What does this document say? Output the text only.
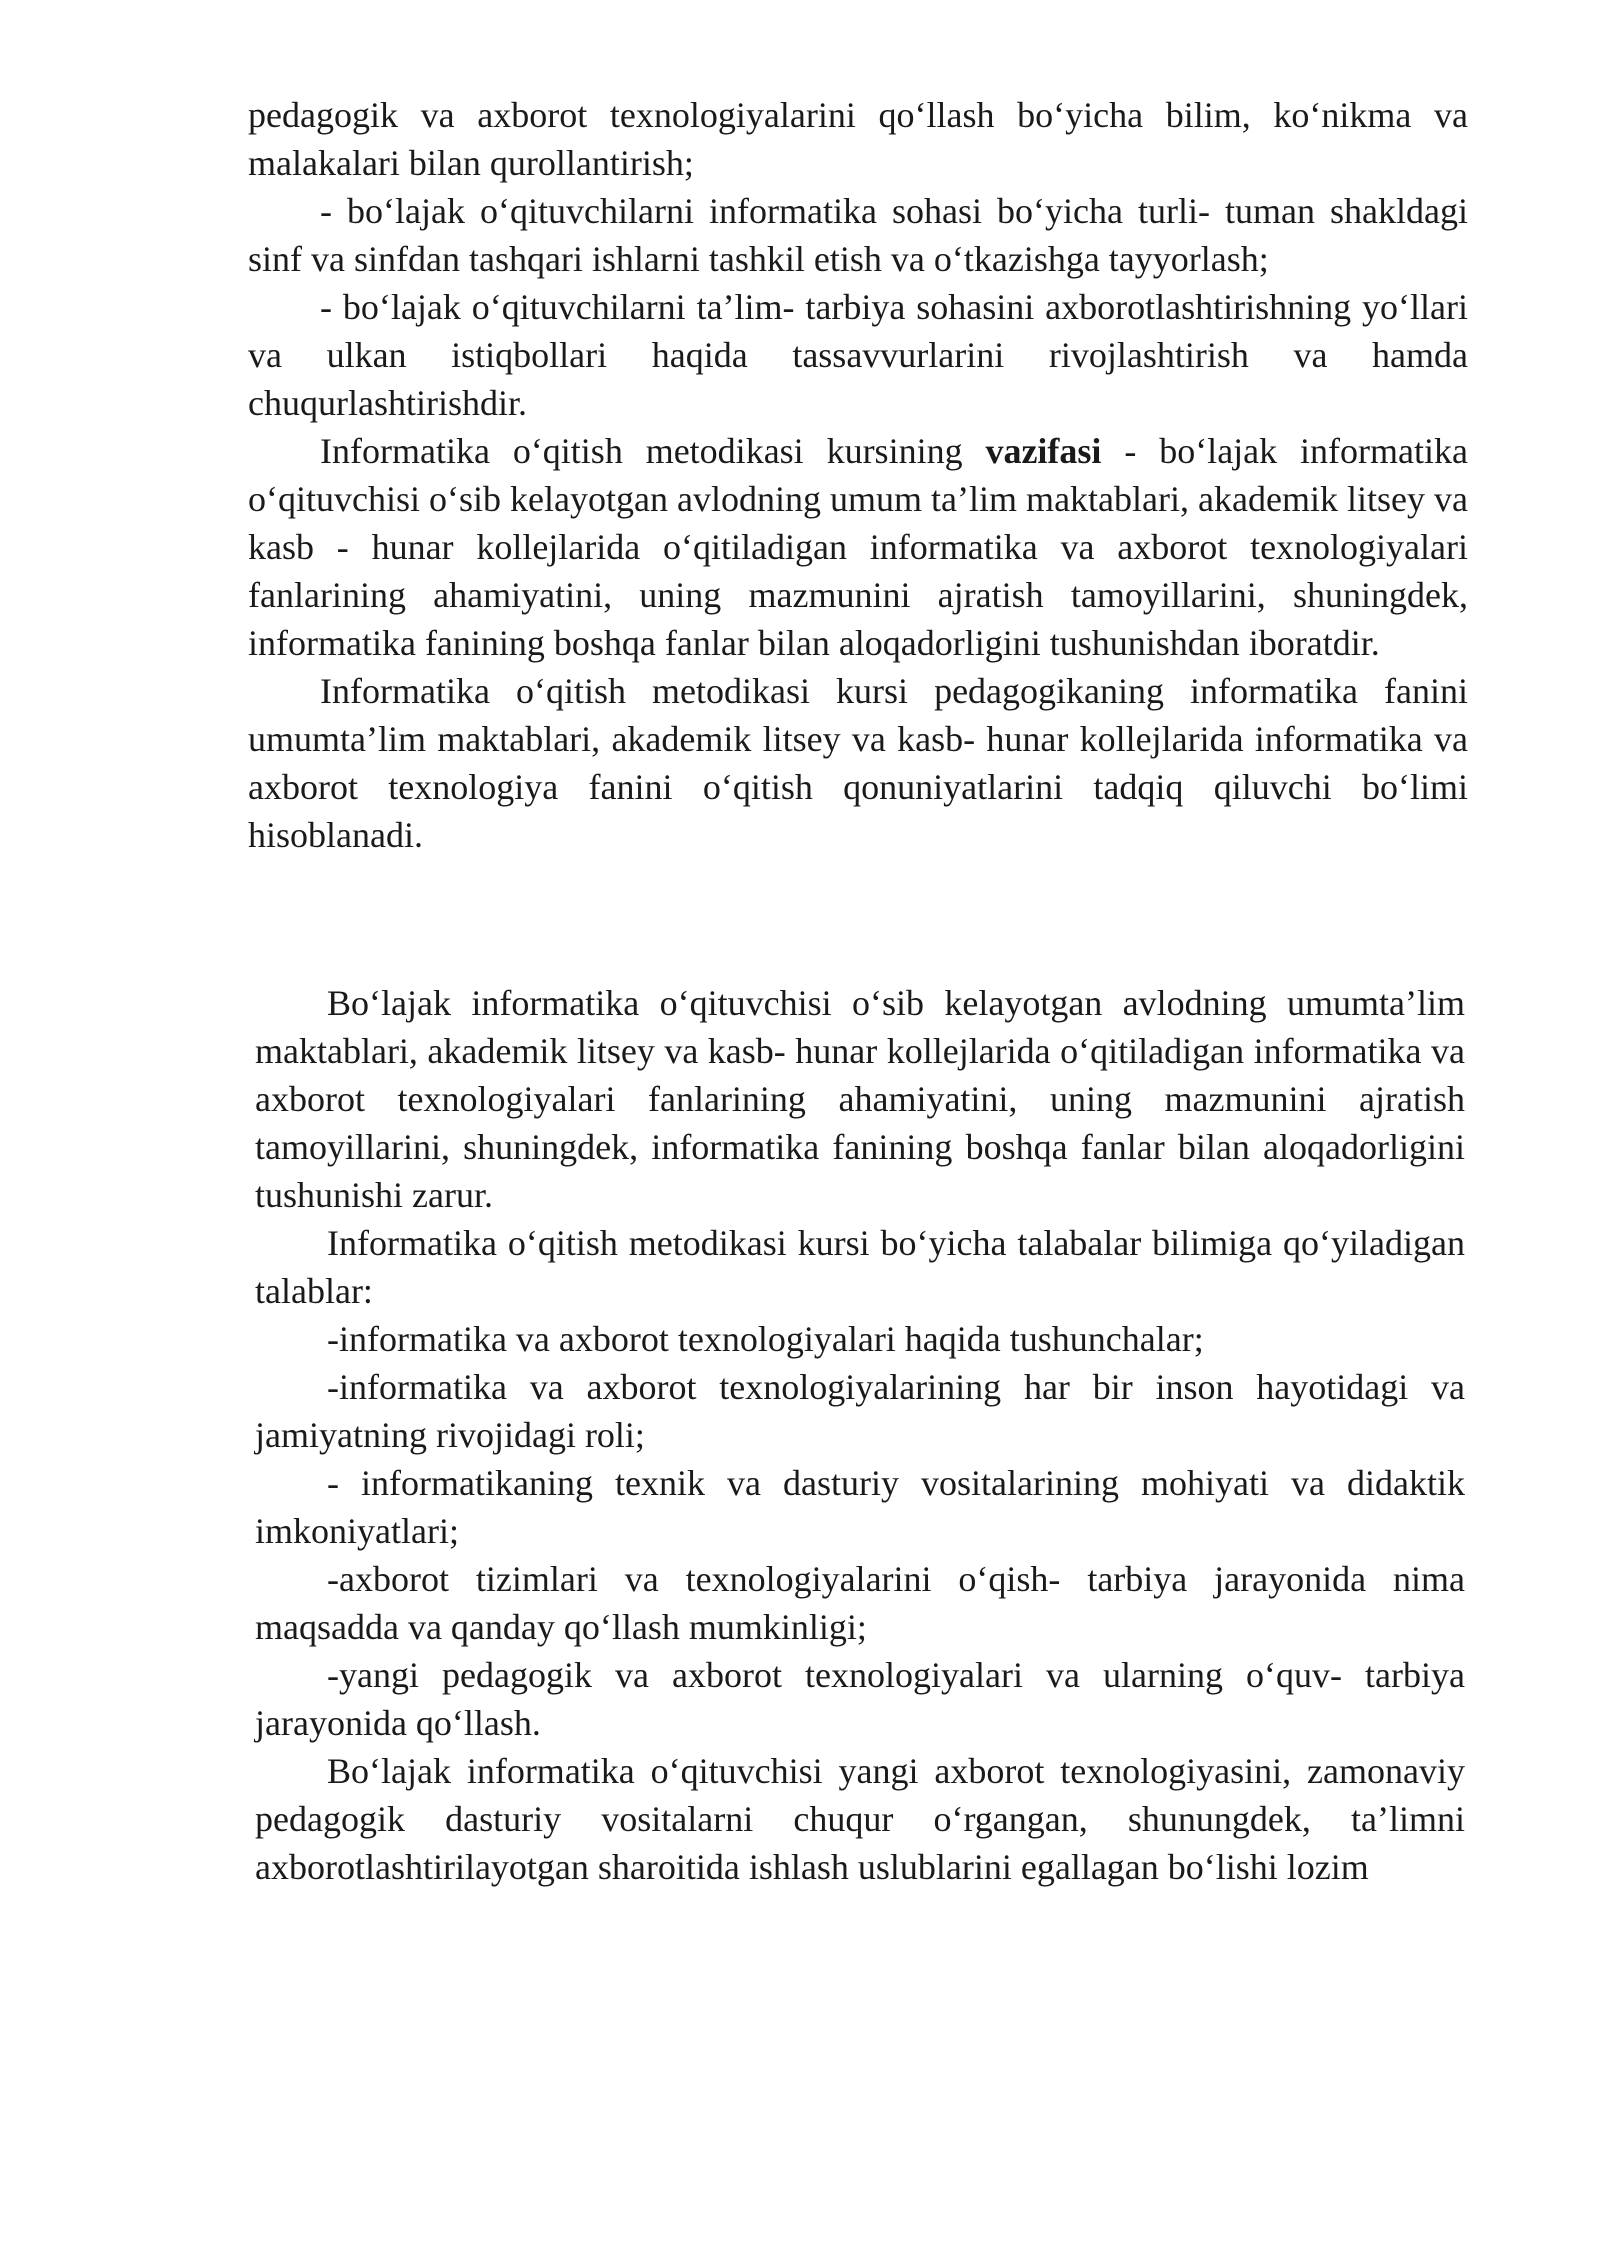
pedagogik va axborot texnologiyalarini qo‘llash bo‘yicha bilim, ko‘nikma va malakalari bilan qurollantirish;

- bo‘lajak o‘qituvchilarni informatika sohasi bo‘yicha turli- tuman shakldagi sinf va sinfdan tashqari ishlarni tashkil etish va o‘tkazishga tayyorlash;

- bo‘lajak o‘qituvchilarni ta’lim- tarbiya sohasini axborotlashtirishning yo‘llari va ulkan istiqbollari haqida tassavvurlarini rivojlashtirish va hamda chuqurlashtirishdir.

Informatika o‘qitish metodikasi kursining vazifasi - bo‘lajak informatika o‘qituvchisi o‘sib kelayotgan avlodning umum ta’lim maktablari, akademik litsey va kasb - hunar kollejlarida o‘qitiladigan informatika va axborot texnologiyalari fanlarining ahamiyatini, uning mazmunini ajratish tamoyillarini, shuningdek, informatika fanining boshqa fanlar bilan aloqadorligini tushunishdan iboratdir.

Informatika o‘qitish metodikasi kursi pedagogikaning informatika fanini umumta’lim maktablari, akademik litsey va kasb- hunar kollejlarida informatika va axborot texnologiya fanini o‘qitish qonuniyatlarini tadqiq qiluvchi bo‘limi hisoblanadi.

Bo‘lajak informatika o‘qituvchisi o‘sib kelayotgan avlodning umumta’lim maktablari, akademik litsey va kasb- hunar kollejlarida o‘qitiladigan informatika va axborot texnologiyalari fanlarining ahamiyatini, uning mazmunini ajratish tamoyillarini, shuningdek, informatika fanining boshqa fanlar bilan aloqadorligini tushunishi zarur.

Informatika o‘qitish metodikasi kursi bo‘yicha talabalar bilimiga qo‘yiladigan talablar:

-informatika va axborot texnologiyalari haqida tushunchalar;

-informatika va axborot texnologiyalarining har bir inson hayotidagi va jamiyatning rivojidagi roli;

- informatikaning texnik va dasturiy vositalarining mohiyati va didaktik imkoniyatlari;

-axborot tizimlari va texnologiyalarini o‘qish- tarbiya jarayonida nima maqsadda va qanday qo‘llash mumkinligi;

-yangi pedagogik va axborot texnologiyalari va ularning o‘quv- tarbiya jarayonida qo‘llash.

Bo‘lajak informatika o‘qituvchisi yangi axborot texnologiyasini, zamonaviy pedagogik dasturiy vositalarni chuqur o‘rgangan, shunungdek, ta’limni axborotlashtirilayotgan sharoitida ishlash uslublarini egallagan bo‘lishi lozim
